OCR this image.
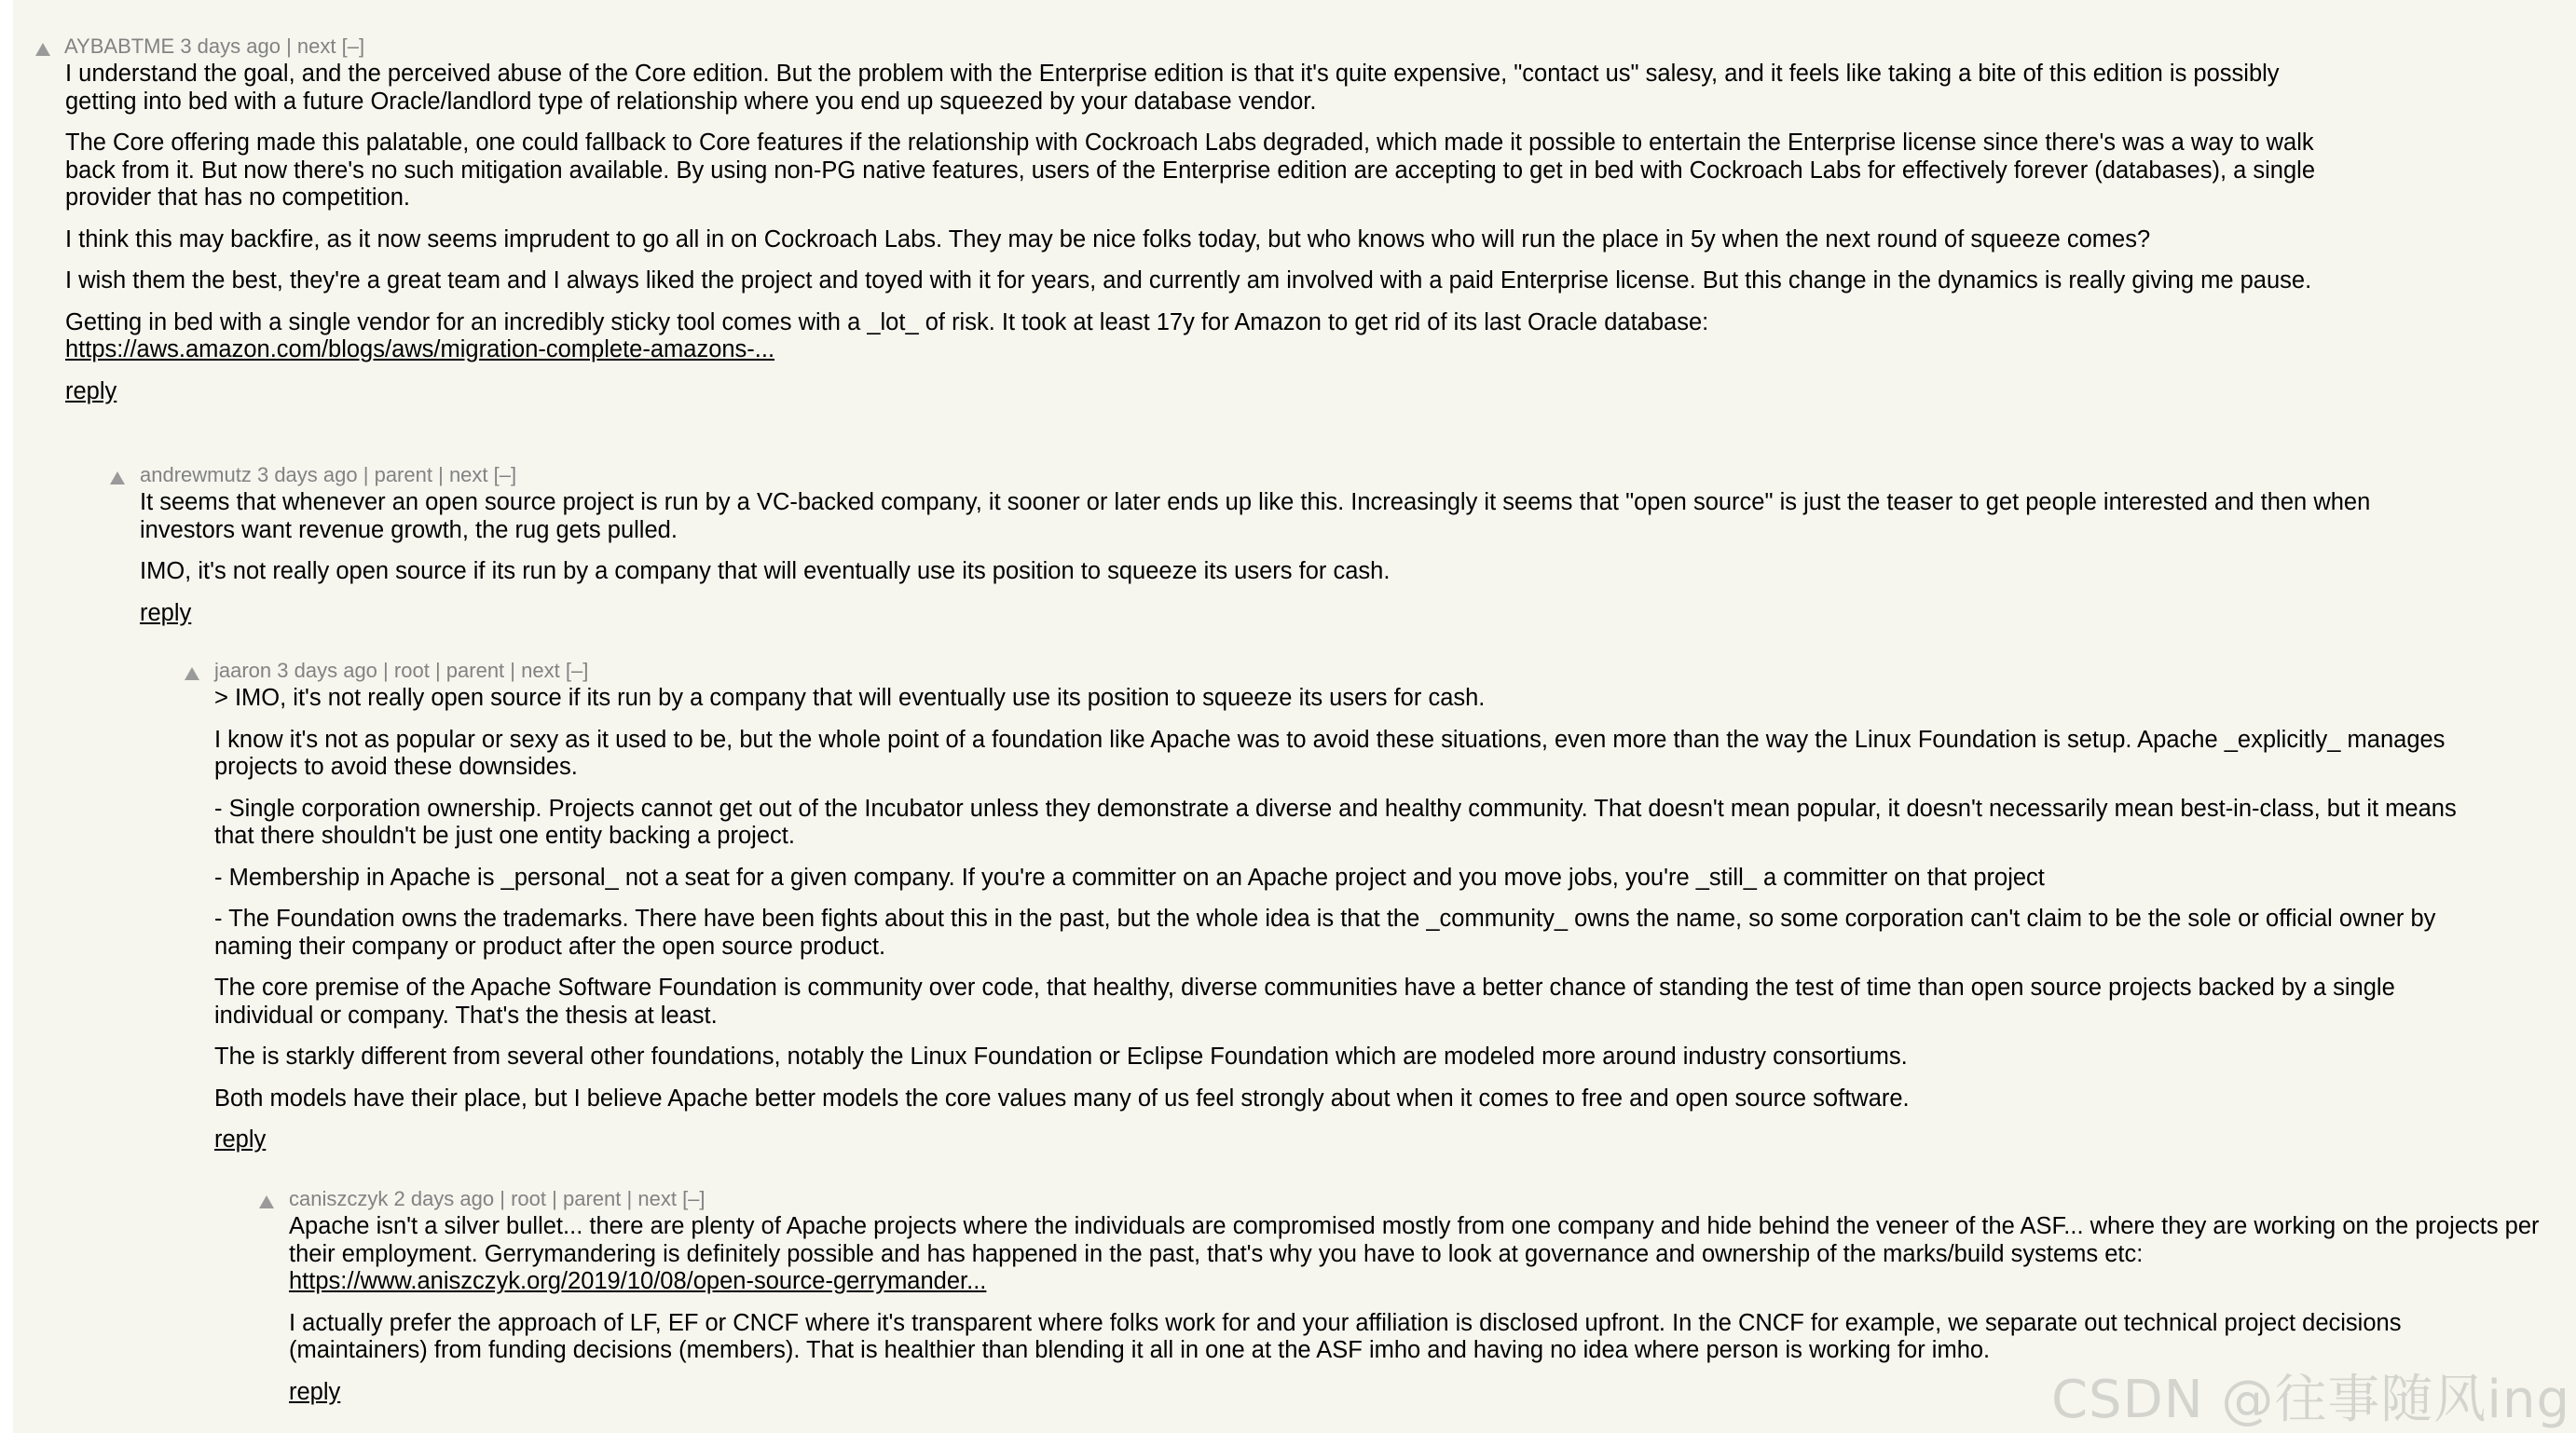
AYBABTME 3 days ago | next [–]

I understand the goal, and the perceived abuse of the Core edition. But the problem with the Enterprise edition is that it's quite expensive, "contact us" salesy, and it feels like taking a bite of this edition is possibly getting into bed with a future Oracle/landlord type of relationship where you end up squeezed by your database vendor.

The Core offering made this palatable, one could fallback to Core features if the relationship with Cockroach Labs degraded, which made it possible to entertain the Enterprise license since there's was a way to walk back from it. But now there's no such mitigation available. By using non-PG native features, users of the Enterprise edition are accepting to get in bed with Cockroach Labs for effectively forever (databases), a single provider that has no competition.

I think this may backfire, as it now seems imprudent to go all in on Cockroach Labs. They may be nice folks today, but who knows who will run the place in 5y when the next round of squeeze comes?

I wish them the best, they're a great team and I always liked the project and toyed with it for years, and currently am involved with a paid Enterprise license. But this change in the dynamics is really giving me pause.

Getting in bed with a single vendor for an incredibly sticky tool comes with a _lot_ of risk. It took at least 17y for Amazon to get rid of its last Oracle database:
https://aws.amazon.com/blogs/aws/migration-complete-amazons-...

reply
andrewmutz 3 days ago | parent | next [–]

It seems that whenever an open source project is run by a VC-backed company, it sooner or later ends up like this. Increasingly it seems that "open source" is just the teaser to get people interested and then when investors want revenue growth, the rug gets pulled.

IMO, it's not really open source if its run by a company that will eventually use its position to squeeze its users for cash.

reply
jaaron 3 days ago | root | parent | next [–]

> IMO, it's not really open source if its run by a company that will eventually use its position to squeeze its users for cash.

I know it's not as popular or sexy as it used to be, but the whole point of a foundation like Apache was to avoid these situations, even more than the way the Linux Foundation is setup. Apache _explicitly_ manages projects to avoid these downsides.

- Single corporation ownership. Projects cannot get out of the Incubator unless they demonstrate a diverse and healthy community. That doesn't mean popular, it doesn't necessarily mean best-in-class, but it means that there shouldn't be just one entity backing a project.

- Membership in Apache is _personal_ not a seat for a given company. If you're a committer on an Apache project and you move jobs, you're _still_ a committer on that project

- The Foundation owns the trademarks. There have been fights about this in the past, but the whole idea is that the _community_ owns the name, so some corporation can't claim to be the sole or official owner by naming their company or product after the open source product.

The core premise of the Apache Software Foundation is community over code, that healthy, diverse communities have a better chance of standing the test of time than open source projects backed by a single individual or company. That's the thesis at least.

The is starkly different from several other foundations, notably the Linux Foundation or Eclipse Foundation which are modeled more around industry consortiums.

Both models have their place, but I believe Apache better models the core values many of us feel strongly about when it comes to free and open source software.

reply
caniszczyk 2 days ago | root | parent | next [–]

Apache isn't a silver bullet... there are plenty of Apache projects where the individuals are compromised mostly from one company and hide behind the veneer of the ASF... where they are working on the projects per their employment. Gerrymandering is definitely possible and has happened in the past, that's why you have to look at governance and ownership of the marks/build systems etc:
https://www.aniszczyk.org/2019/10/08/open-source-gerrymander...

I actually prefer the approach of LF, EF or CNCF where it's transparent where folks work for and your affiliation is disclosed upfront. In the CNCF for example, we separate out technical project decisions (maintainers) from funding decisions (members). That is healthier than blending it all in one at the ASF imho and having no idea where person is working for imho.

reply	CSDN @往事随风ing
